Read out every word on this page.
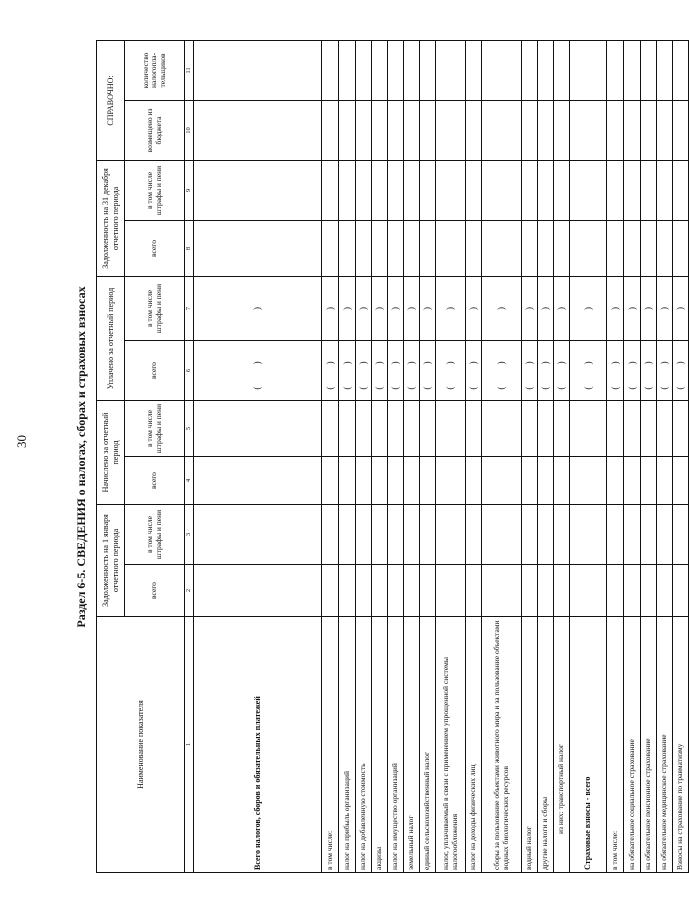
30	Раздел 6-5. СВЕДЕНИЯ о налогах, сборах и страховых взносах
Наименование показателя	Задолженность на 1 января отчетного периода		Начислено за отчетный период		Уплачено за отчетный период		Задолженность на 31 декабря отчетного периода		СПРАВОЧНО:	
	всего	в том числе штрафы и пени	всего	в том числе штрафы и пени	всего	в том числе штрафы и пени	всего	в том числе штрафы и пени	возмещено из бюджета	количество налогопла-тельщиков
1	2	3	4	5	6	7	8	9	10	11
Всего налогов, сборов и обязательных платежей					( )	)				

в том числе:					( )	)				

налог на прибыль организаций					( )	)				

налог на добавленную стоимость					( )	)				

акцизы					( )	)				

налог на имущество организаций					( )	)				

земельный налог					( )	)				

единый сельскохозяйственный налог					( )	)				

налог, уплачиваемый в связи с применением упрощенной системы налогообложения					( )	)				

налог на доходы физических лиц					( )	)				

сборы за пользование объектами животного мира и за пользование объектами водных биологических ресурсов					( )	)				

водный налог					( )	)				

другие налоги и сборы					( )	)				

из них: транспортный налог					( )	)				

Страховые взносы - всего					( )	)				

в том числе:					( )	)				

на обязательное социальное страхование					( )	)				

на обязательное пенсионное страхование					( )	)				

на обязательное медицинское страхование					( )	)				

Взносы на страхование по травматизму					( )	)				
